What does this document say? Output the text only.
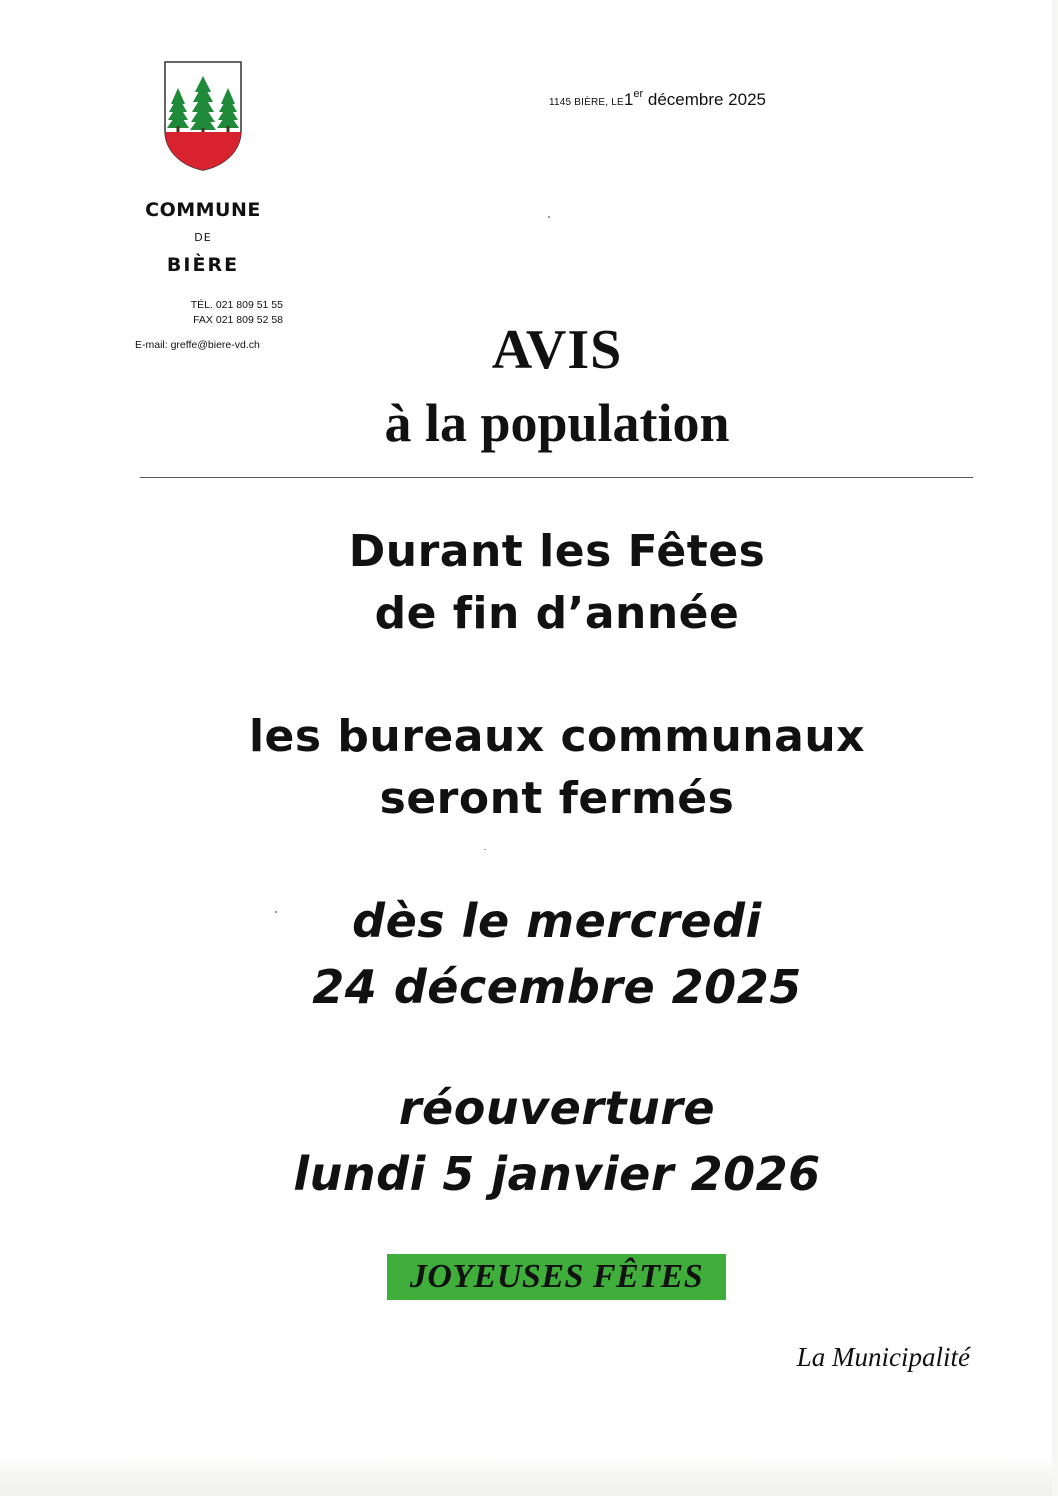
COMMUNE
DE
BIÈRE
TÉL. 021 809 51 55
FAX 021 809 52 58
E-mail: greffe@biere-vd.ch
1145 BIÈRE, LE1er décembre 2025
AVIS
à la population
Durant les Fêtes
de fin d’année
les bureaux communaux
seront fermés
dès le mercredi
24 décembre 2025
réouverture
lundi 5 janvier 2026
JOYEUSES FÊTES
La Municipalité
